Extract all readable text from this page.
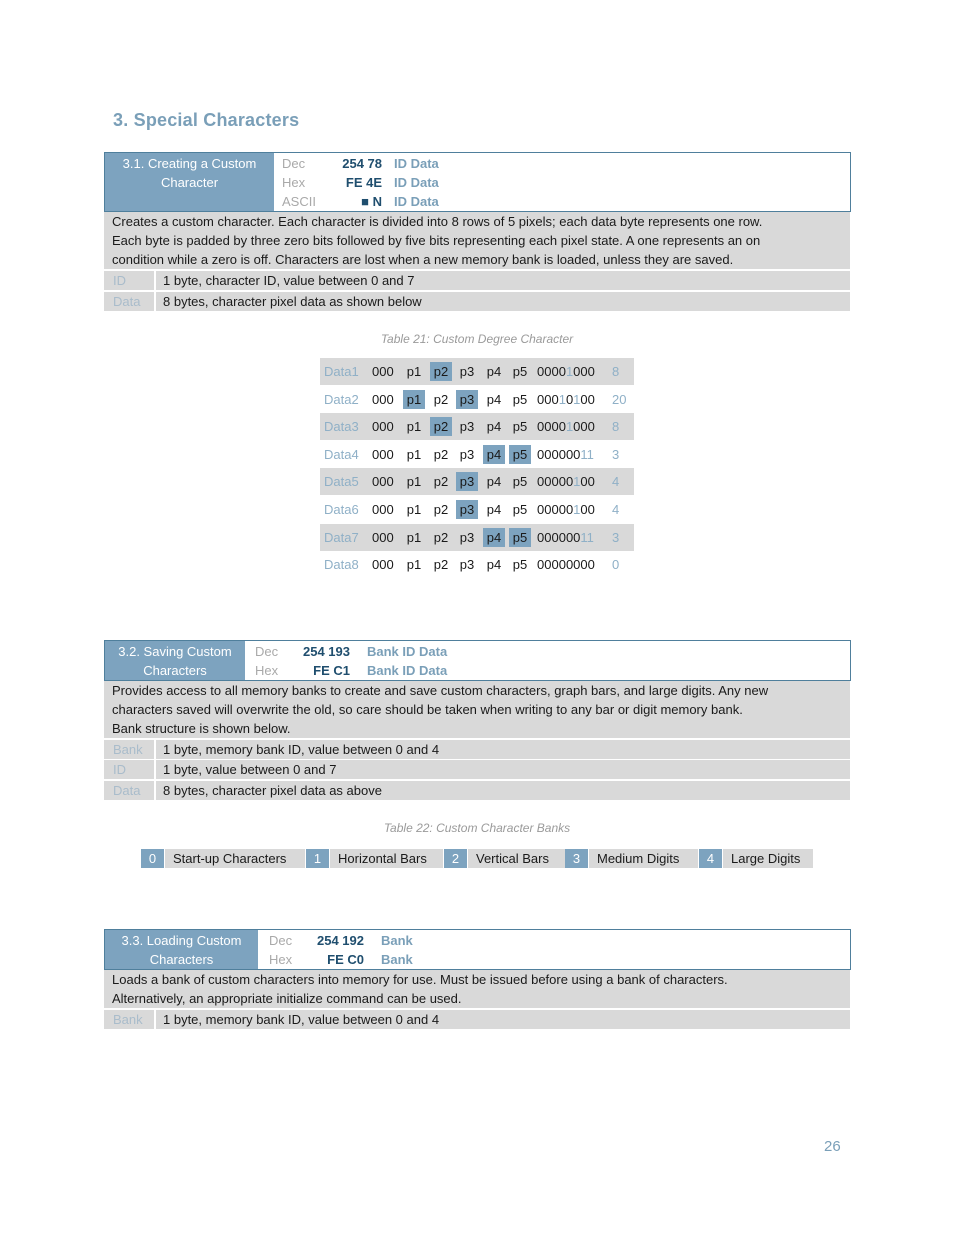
3. Special Characters
3.1. Creating a Custom
Character
Dec	254 78 ID Data
Hex	FE 4E ID Data
ASCII	■ N ID Data
Creates a custom character. Each character is divided into 8 rows of 5 pixels; each data byte represents one row.
Each byte is padded by three zero bits followed by five bits representing each pixel state. A one represents an on
condition while a zero is off. Characters are lost when a new memory bank is loaded, unless they are saved.
ID	1 byte, character ID, value between 0 and 7
Data 8 bytes, character pixel data as shown below
Table 21: Custom Degree Character
Data1 000 p1 p2 p3 p4 p5 00001000 8
Data2 000 p1 p2 p3 p4 p5 00010100 20
Data3 000 p1 p2 p3 p4 p5 00001000 8
Data4 000 p1 p2 p3 p4 p5 00000011 3
Data5 000 p1 p2 p3 p4 p5 00000100 4
Data6 000 p1 p2 p3 p4 p5 00000100 4
Data7 000 p1 p2 p3 p4 p5 00000011 3
Data8 000 p1 p2 p3 p4 p5 00000000 0
3.2. Saving Custom
Characters
Dec	254 193 Bank ID Data
Hex	FE C1 Bank ID Data
Provides access to all memory banks to create and save custom characters, graph bars, and large digits. Any new
characters saved will overwrite the old, so care should be taken when writing to any bar or digit memory bank.
Bank structure is shown below.
Bank 1 byte, memory bank ID, value between 0 and 4
ID	1 byte, value between 0 and 7
Data 8 bytes, character pixel data as above
Table 22: Custom Character Banks
0	Start-up Characters	1	Horizontal Bars	2	Vertical Bars	3	Medium Digits	4	Large Digits
3.3. Loading Custom
Characters
Dec	254 192 Bank
Hex	FE C0 Bank
Loads a bank of custom characters into memory for use. Must be issued before using a bank of characters.
Alternatively, an appropriate initialize command can be used.
Bank 1 byte, memory bank ID, value between 0 and 4
26
